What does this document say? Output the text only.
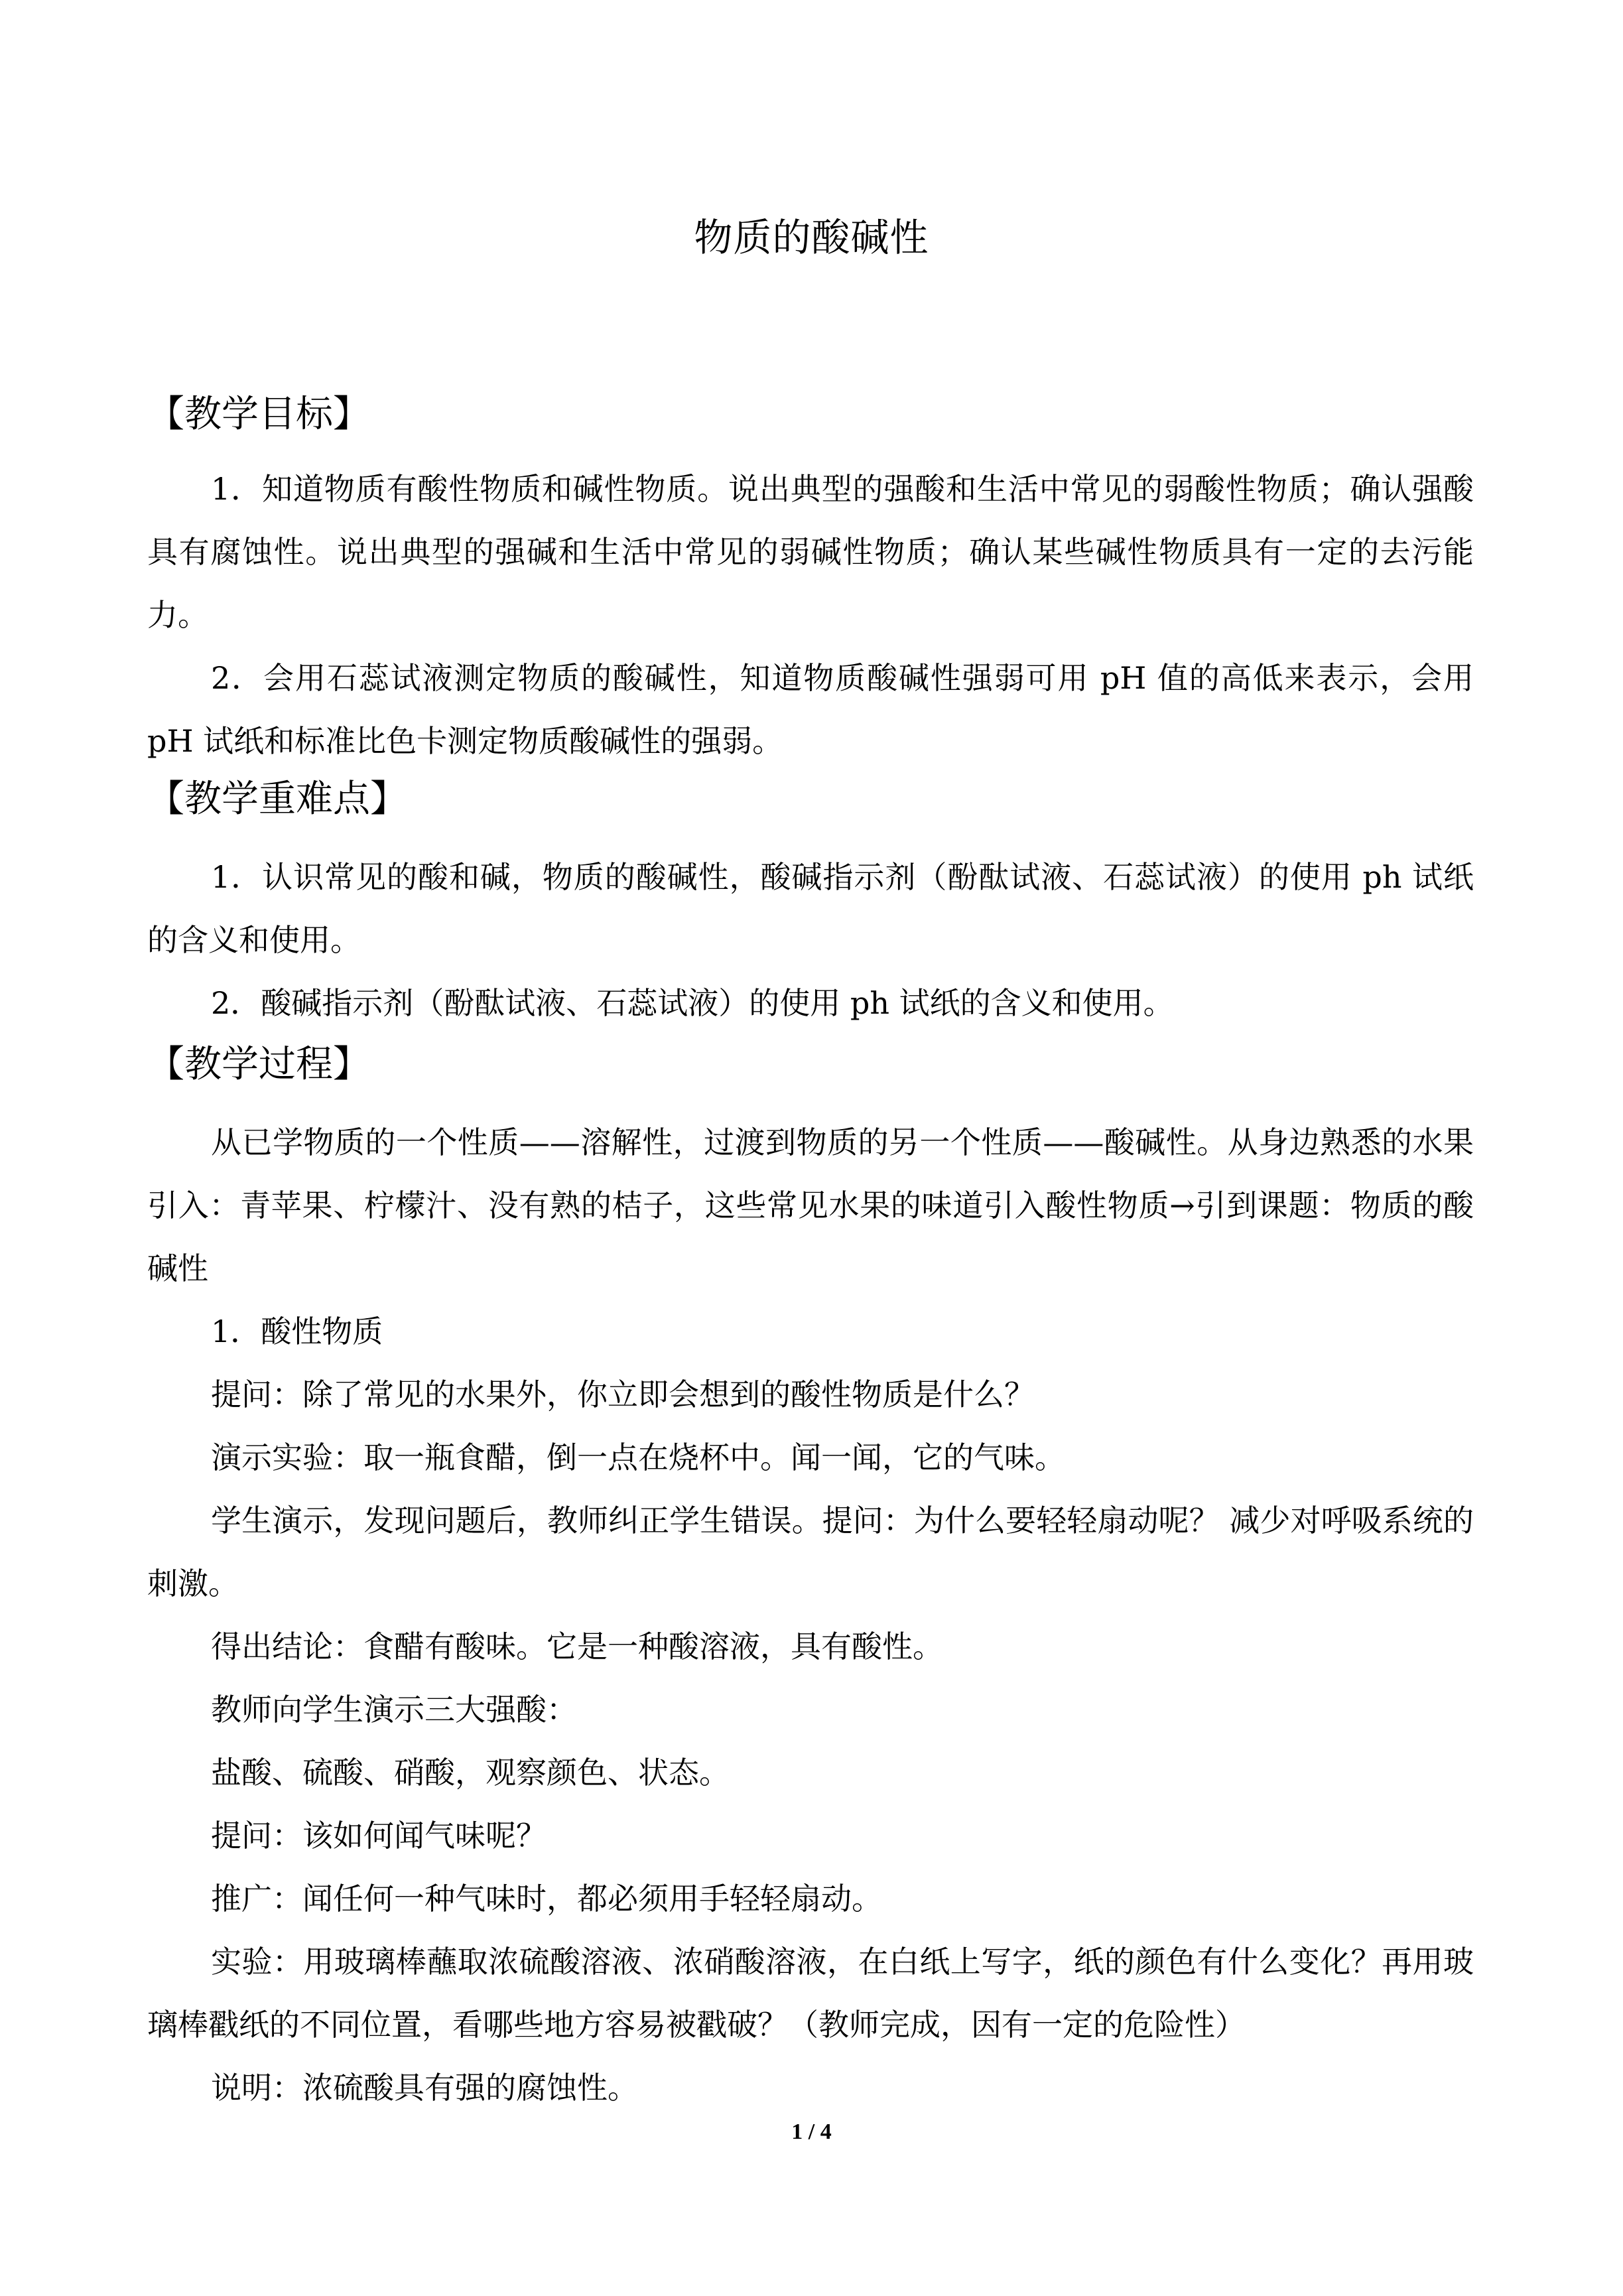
物质的酸碱性
【教学目标】

1．知道物质有酸性物质和碱性物质。说出典型的强酸和生活中常见的弱酸性物质；确认强酸具有腐蚀性。说出典型的强碱和生活中常见的弱碱性物质；确认某些碱性物质具有一定的去污能力。

2．会用石蕊试液测定物质的酸碱性，知道物质酸碱性强弱可用 pH 值的高低来表示，会用 pH 试纸和标准比色卡测定物质酸碱性的强弱。

【教学重难点】

1．认识常见的酸和碱，物质的酸碱性，酸碱指示剂（酚酞试液、石蕊试液）的使用 ph 试纸的含义和使用。

2．酸碱指示剂（酚酞试液、石蕊试液）的使用 ph 试纸的含义和使用。

【教学过程】

从已学物质的一个性质——溶解性，过渡到物质的另一个性质——酸碱性。从身边熟悉的水果引入：青苹果、柠檬汁、没有熟的桔子，这些常见水果的味道引入酸性物质→引到课题：物质的酸碱性

1．酸性物质

提问：除了常见的水果外，你立即会想到的酸性物质是什么？

演示实验：取一瓶食醋，倒一点在烧杯中。闻一闻，它的气味。

学生演示，发现问题后，教师纠正学生错误。提问：为什么要轻轻扇动呢？ 减少对呼吸系统的刺激。

得出结论：食醋有酸味。它是一种酸溶液，具有酸性。

教师向学生演示三大强酸：

盐酸、硫酸、硝酸，观察颜色、状态。

提问：该如何闻气味呢？

推广：闻任何一种气味时，都必须用手轻轻扇动。

实验：用玻璃棒蘸取浓硫酸溶液、浓硝酸溶液，在白纸上写字，纸的颜色有什么变化？再用玻璃棒戳纸的不同位置，看哪些地方容易被戳破？（教师完成，因有一定的危险性）

说明：浓硫酸具有强的腐蚀性。

1 / 4
